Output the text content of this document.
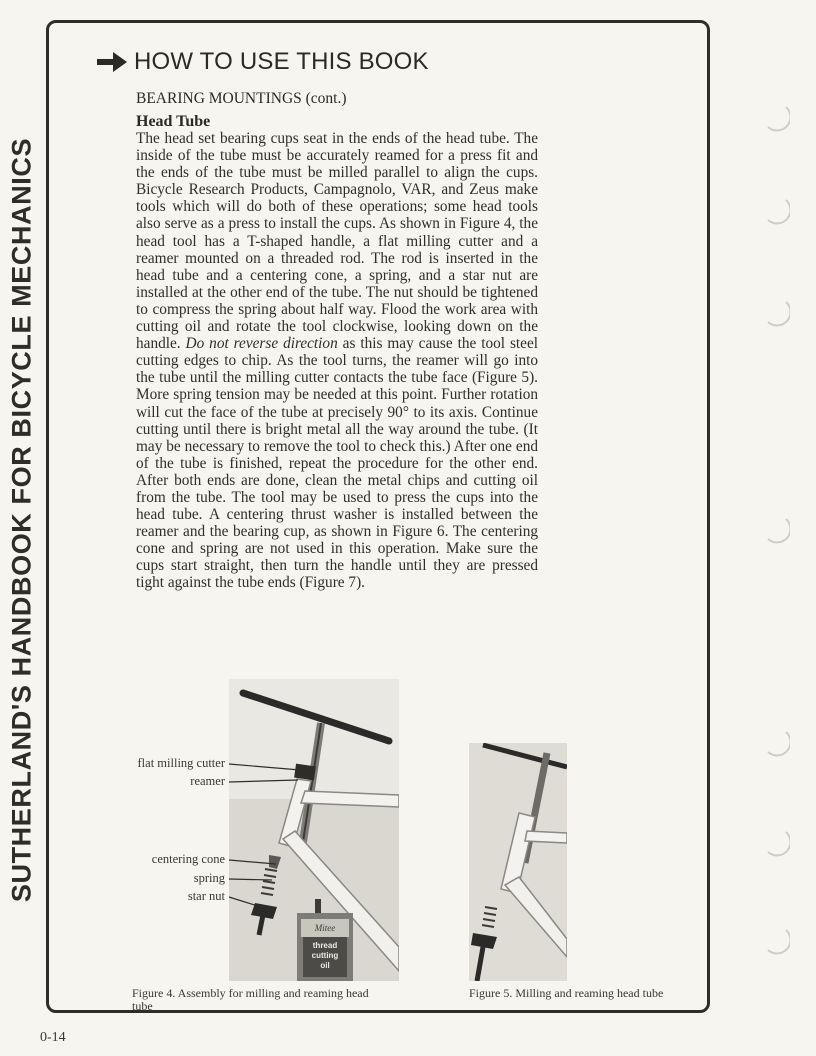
SUTHERLAND'S HANDBOOK FOR BICYCLE MECHANICS
HOW TO USE THIS BOOK
BEARING MOUNTINGS (cont.)
Head Tube

The head set bearing cups seat in the ends of the head tube. The inside of the tube must be accurately reamed for a press fit and the ends of the tube must be milled parallel to align the cups. Bicycle Research Products, Campagnolo, VAR, and Zeus make tools which will do both of these operations; some head tools also serve as a press to install the cups. As shown in Figure 4, the head tool has a T-shaped handle, a flat milling cutter and a reamer mounted on a threaded rod. The rod is inserted in the head tube and a centering cone, a spring, and a star nut are installed at the other end of the tube. The nut should be tightened to compress the spring about half way. Flood the work area with cutting oil and rotate the tool clockwise, looking down on the handle. Do not reverse direction as this may cause the tool steel cutting edges to chip. As the tool turns, the reamer will go into the tube until the milling cutter contacts the tube face (Figure 5). More spring tension may be needed at this point. Further rotation will cut the face of the tube at precisely 90° to its axis. Continue cutting until there is bright metal all the way around the tube. (It may be necessary to remove the tool to check this.) After one end of the tube is finished, repeat the procedure for the other end. After both ends are done, clean the metal chips and cutting oil from the tube. The tool may be used to press the cups into the head tube. A centering thrust washer is installed between the reamer and the bearing cup, as shown in Figure 6. The centering cone and spring are not used in this operation. Make sure the cups start straight, then turn the handle until they are pressed tight against the tube ends (Figure 7).

Mitee
thread
cutting
oil
flat milling cutter
reamer
centering cone
spring
star nut
Figure 4. Assembly for milling and reaming head tube
Figure 5. Milling and reaming head tube
0-14
